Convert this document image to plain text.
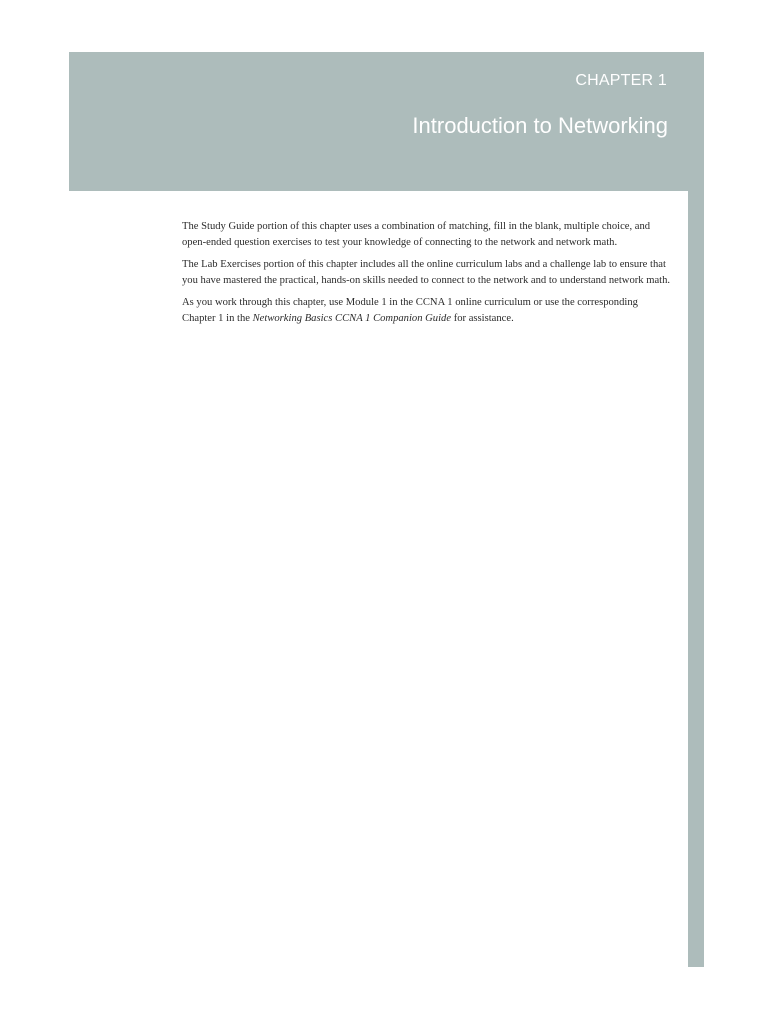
CHAPTER 1
Introduction to Networking

The Study Guide portion of this chapter uses a combination of matching, fill in the blank, multiple choice, and open-ended question exercises to test your knowledge of connecting to the network and network math.

The Lab Exercises portion of this chapter includes all the online curriculum labs and a challenge lab to ensure that you have mastered the practical, hands-on skills needed to connect to the network and to understand network math.

As you work through this chapter, use Module 1 in the CCNA 1 online curriculum or use the corresponding Chapter 1 in the Networking Basics CCNA 1 Companion Guide for assistance.
